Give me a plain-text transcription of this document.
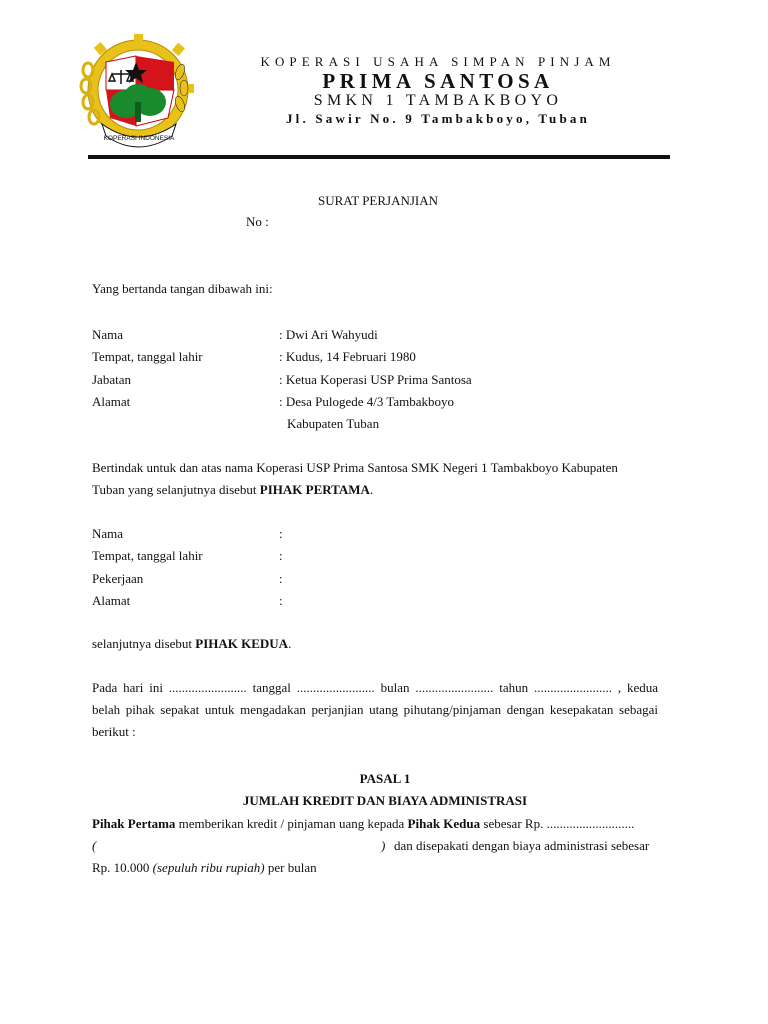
KOPERASI INDONESIA
KOPERASI USAHA SIMPAN PINJAM
PRIMA SANTOSA
SMKN 1 TAMBAKBOYO
Jl. Sawir No. 9 Tambakboyo, Tuban
SURAT PERJANJIAN
No :
Yang bertanda tangan dibawah ini:
Nama	: Dwi Ari Wahyudi
Tempat, tanggal lahir	: Kudus, 14 Februari 1980
Jabatan	: Ketua Koperasi USP Prima Santosa
Alamat	: Desa Pulogede 4/3 Tambakboyo
Kabupaten Tuban
Bertindak untuk dan atas nama Koperasi USP Prima Santosa SMK Negeri 1 Tambakboyo Kabupaten
Tuban yang selanjutnya disebut PIHAK PERTAMA.
Nama	:
Tempat, tanggal lahir	:
Pekerjaan	:
Alamat	:
selanjutnya disebut PIHAK KEDUA.
Pada hari ini ........................ tanggal ........................ bulan ........................ tahun ........................ , kedua
belah pihak sepakat untuk mengadakan perjanjian utang pihutang/pinjaman dengan kesepakatan sebagai
berikut :
PASAL 1
JUMLAH KREDIT DAN BIAYA ADMINISTRASI
Pihak Pertama memberikan kredit / pinjaman uang kepada Pihak Kedua sebesar Rp. ...........................
(	) dan disepakati dengan biaya administrasi sebesar
Rp. 10.000 (sepuluh ribu rupiah) per bulan
